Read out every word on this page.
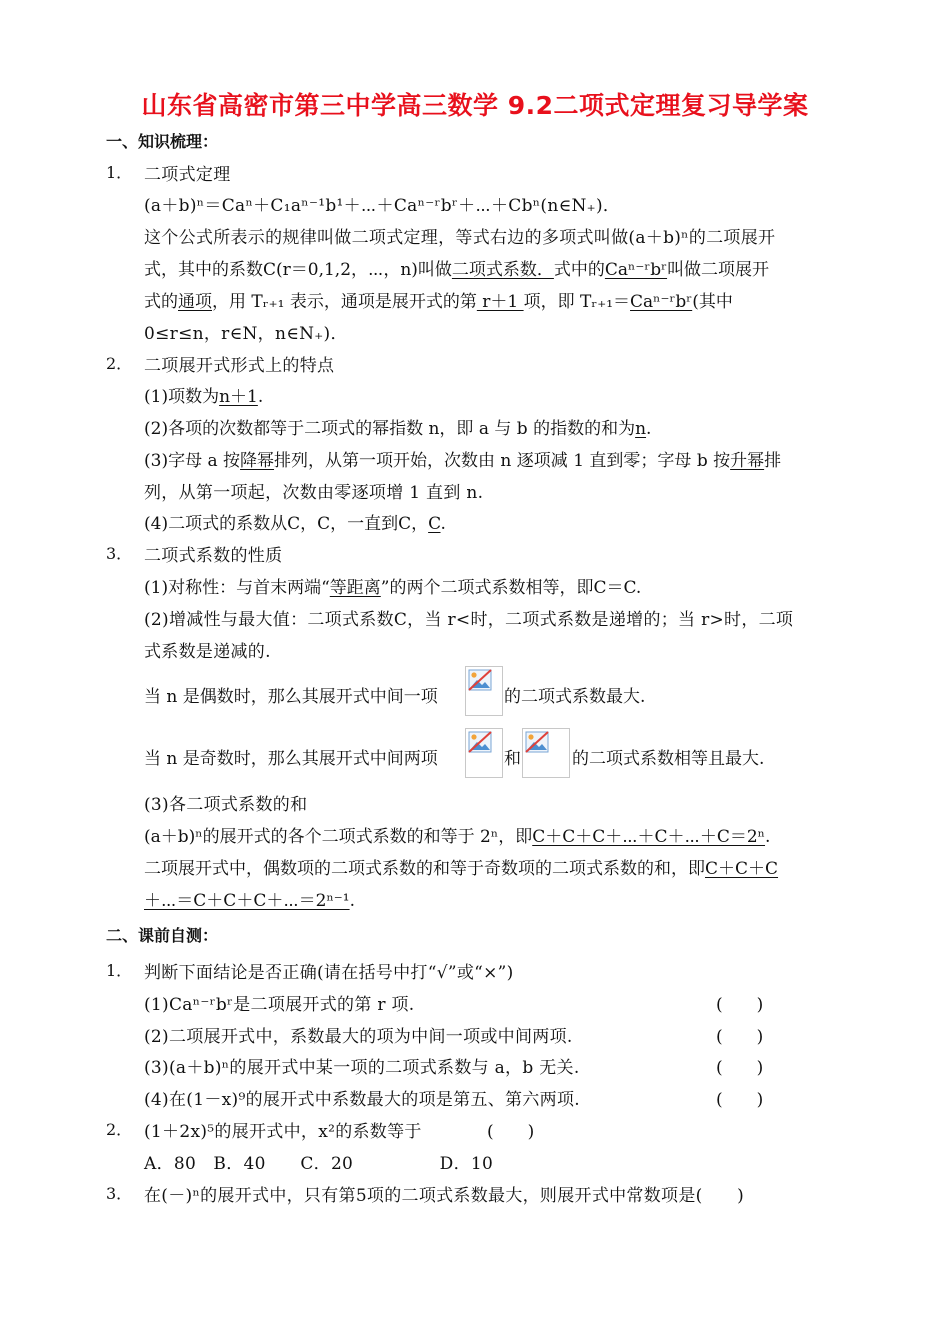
山东省高密市第三中学高三数学 9.2二项式定理复习导学案
一、知识梳理：
1． 二项式定理
(a＋b)ⁿ＝Caⁿ＋C₁aⁿ⁻¹b¹＋⋯＋Caⁿ⁻ʳbʳ＋⋯＋Cbⁿ(n∈N₊)．
这个公式所表示的规律叫做二项式定理，等式右边的多项式叫做(a＋b)ⁿ的二项展开
式，其中的系数C(r＝0,1,2，⋯，n)叫做二项式系数．式中的Caⁿ⁻ʳbʳ叫做二项展开
式的通项，用 Tᵣ₊₁ 表示，通项是展开式的第 r＋1 项，即 Tᵣ₊₁＝Caⁿ⁻ʳbʳ(其中
0≤r≤n，r∈N，n∈N₊)．
2． 二项展开式形式上的特点
(1)项数为n＋1.
(2)各项的次数都等于二项式的幂指数 n，即 a 与 b 的指数的和为n.
(3)字母 a 按降幂排列，从第一项开始，次数由 n 逐项减 1 直到零；字母 b 按升幂排
列，从第一项起，次数由零逐项增 1 直到 n.
(4)二项式的系数从C，C，一直到C，C.
3． 二项式系数的性质
(1)对称性：与首末两端“等距离”的两个二项式系数相等，即C＝C.
(2)增减性与最大值：二项式系数C，当 r<时，二项式系数是递增的；当 r>时，二项
式系数是递减的.
当 n 是偶数时，那么其展开式中间一项	的二项式系数最大.
当 n 是奇数时，那么其展开式中间两项	和	的二项式系数相等且最大.
(3)各二项式系数的和
(a＋b)ⁿ的展开式的各个二项式系数的和等于 2ⁿ，即C＋C＋C＋⋯＋C＋⋯＋C＝2ⁿ.
二项展开式中，偶数项的二项式系数的和等于奇数项的二项式系数的和，即C＋C＋C
＋⋯＝C＋C＋C＋⋯＝2ⁿ⁻¹.
二、课前自测：
1． 判断下面结论是否正确(请在括号中打“√”或“×”)
(1)Caⁿ⁻ʳbʳ是二项展开式的第 r 项.	(　　)
(2)二项展开式中，系数最大的项为中间一项或中间两项.	(　　)
(3)(a＋b)ⁿ的展开式中某一项的二项式系数与 a，b 无关.	(　　)
(4)在(1－x)⁹的展开式中系数最大的项是第五、第六两项.	(　　)
2． (1＋2x)⁵的展开式中，x²的系数等于	(　　)
A．80　B．40　　C．20　　　　　D．10
3． 在(－)ⁿ的展开式中，只有第5项的二项式系数最大，则展开式中常数项是(　　)
